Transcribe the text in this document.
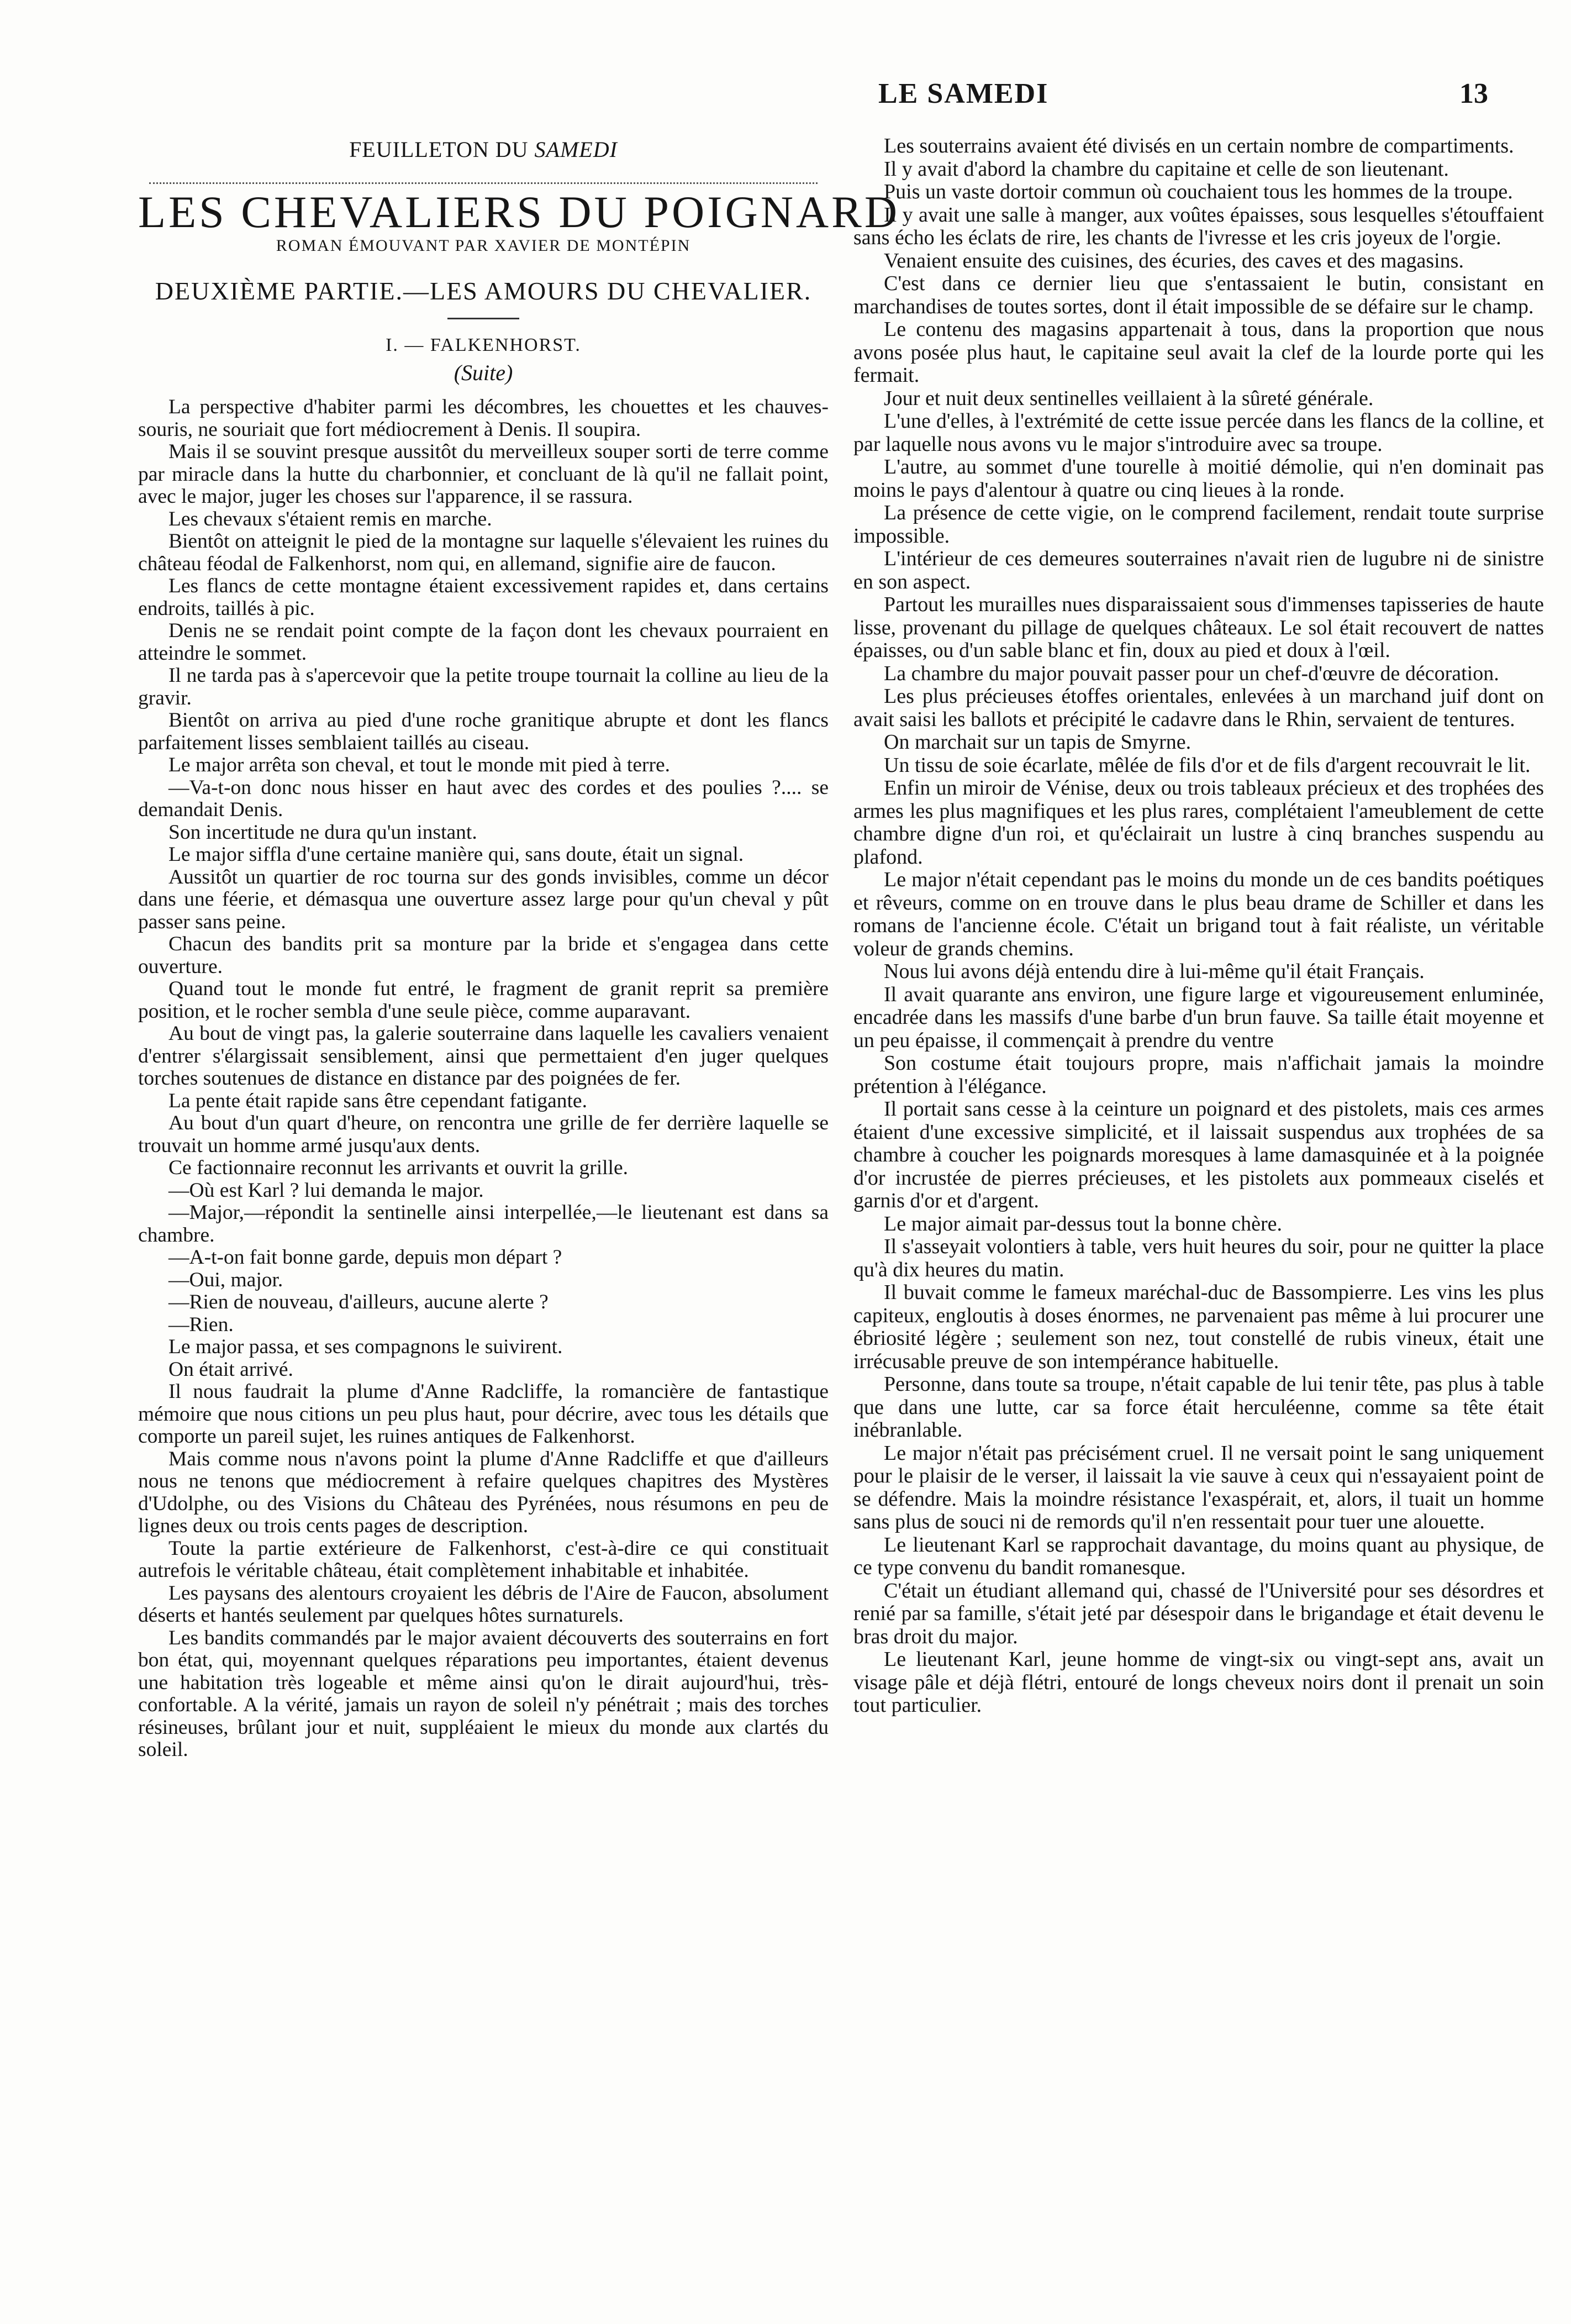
LE SAMEDI	13
FEUILLETON DU SAMEDI
LES CHEVALIERS DU POIGNARD
ROMAN ÉMOUVANT PAR XAVIER DE MONTÉPIN
DEUXIÈME PARTIE.—LES AMOURS DU CHEVALIER.
I. — FALKENHORST.
(Suite)

La perspective d'habiter parmi les décombres, les chouettes et les chauves-souris, ne souriait que fort médiocrement à Denis. Il soupira.

Mais il se souvint presque aussitôt du merveilleux souper sorti de terre comme par miracle dans la hutte du charbonnier, et concluant de là qu'il ne fallait point, avec le major, juger les choses sur l'apparence, il se rassura.

Les chevaux s'étaient remis en marche.

Bientôt on atteignit le pied de la montagne sur laquelle s'élevaient les ruines du château féodal de Falkenhorst, nom qui, en allemand, signifie aire de faucon.

Les flancs de cette montagne étaient excessivement rapides et, dans certains endroits, taillés à pic.

Denis ne se rendait point compte de la façon dont les chevaux pourraient en atteindre le sommet.

Il ne tarda pas à s'apercevoir que la petite troupe tournait la colline au lieu de la gravir.

Bientôt on arriva au pied d'une roche granitique abrupte et dont les flancs parfaitement lisses semblaient taillés au ciseau.

Le major arrêta son cheval, et tout le monde mit pied à terre.

—Va-t-on donc nous hisser en haut avec des cordes et des poulies ?.... se demandait Denis.

Son incertitude ne dura qu'un instant.

Le major siffla d'une certaine manière qui, sans doute, était un signal.

Aussitôt un quartier de roc tourna sur des gonds invisibles, comme un décor dans une féerie, et démasqua une ouverture assez large pour qu'un cheval y pût passer sans peine.

Chacun des bandits prit sa monture par la bride et s'engagea dans cette ouverture.

Quand tout le monde fut entré, le fragment de granit reprit sa première position, et le rocher sembla d'une seule pièce, comme auparavant.

Au bout de vingt pas, la galerie souterraine dans laquelle les cavaliers venaient d'entrer s'élargissait sensiblement, ainsi que permettaient d'en juger quelques torches soutenues de distance en distance par des poignées de fer.

La pente était rapide sans être cependant fatigante.

Au bout d'un quart d'heure, on rencontra une grille de fer derrière laquelle se trouvait un homme armé jusqu'aux dents.

Ce factionnaire reconnut les arrivants et ouvrit la grille.

—Où est Karl ? lui demanda le major.

—Major,—répondit la sentinelle ainsi interpellée,—le lieutenant est dans sa chambre.

—A-t-on fait bonne garde, depuis mon départ ?

—Oui, major.

—Rien de nouveau, d'ailleurs, aucune alerte ?

—Rien.

Le major passa, et ses compagnons le suivirent.

On était arrivé.

Il nous faudrait la plume d'Anne Radcliffe, la romancière de fantastique mémoire que nous citions un peu plus haut, pour décrire, avec tous les détails que comporte un pareil sujet, les ruines antiques de Falkenhorst.

Mais comme nous n'avons point la plume d'Anne Radcliffe et que d'ailleurs nous ne tenons que médiocrement à refaire quelques chapitres des Mystères d'Udolphe, ou des Visions du Château des Pyrénées, nous résumons en peu de lignes deux ou trois cents pages de description.

Toute la partie extérieure de Falkenhorst, c'est-à-dire ce qui constituait autrefois le véritable château, était complètement inhabitable et inhabitée.

Les paysans des alentours croyaient les débris de l'Aire de Faucon, absolument déserts et hantés seulement par quelques hôtes surnaturels.

Les bandits commandés par le major avaient découverts des souterrains en fort bon état, qui, moyennant quelques réparations peu importantes, étaient devenus une habitation très logeable et même ainsi qu'on le dirait aujourd'hui, très-confortable. A la vérité, jamais un rayon de soleil n'y pénétrait ; mais des torches résineuses, brûlant jour et nuit, suppléaient le mieux du monde aux clartés du soleil.

Les souterrains avaient été divisés en un certain nombre de compartiments.

Il y avait d'abord la chambre du capitaine et celle de son lieutenant.

Puis un vaste dortoir commun où couchaient tous les hommes de la troupe.

Il y avait une salle à manger, aux voûtes épaisses, sous lesquelles s'étouffaient sans écho les éclats de rire, les chants de l'ivresse et les cris joyeux de l'orgie.

Venaient ensuite des cuisines, des écuries, des caves et des magasins.

C'est dans ce dernier lieu que s'entassaient le butin, consistant en marchandises de toutes sortes, dont il était impossible de se défaire sur le champ.

Le contenu des magasins appartenait à tous, dans la proportion que nous avons posée plus haut, le capitaine seul avait la clef de la lourde porte qui les fermait.

Jour et nuit deux sentinelles veillaient à la sûreté générale.

L'une d'elles, à l'extrémité de cette issue percée dans les flancs de la colline, et par laquelle nous avons vu le major s'introduire avec sa troupe.

L'autre, au sommet d'une tourelle à moitié démolie, qui n'en dominait pas moins le pays d'alentour à quatre ou cinq lieues à la ronde.

La présence de cette vigie, on le comprend facilement, rendait toute surprise impossible.

L'intérieur de ces demeures souterraines n'avait rien de lugubre ni de sinistre en son aspect.

Partout les murailles nues disparaissaient sous d'immenses tapisseries de haute lisse, provenant du pillage de quelques châteaux. Le sol était recouvert de nattes épaisses, ou d'un sable blanc et fin, doux au pied et doux à l'œil.

La chambre du major pouvait passer pour un chef-d'œuvre de décoration.

Les plus précieuses étoffes orientales, enlevées à un marchand juif dont on avait saisi les ballots et précipité le cadavre dans le Rhin, servaient de tentures.

On marchait sur un tapis de Smyrne.

Un tissu de soie écarlate, mêlée de fils d'or et de fils d'argent recouvrait le lit.

Enfin un miroir de Vénise, deux ou trois tableaux précieux et des trophées des armes les plus magnifiques et les plus rares, complétaient l'ameublement de cette chambre digne d'un roi, et qu'éclairait un lustre à cinq branches suspendu au plafond.

Le major n'était cependant pas le moins du monde un de ces bandits poétiques et rêveurs, comme on en trouve dans le plus beau drame de Schiller et dans les romans de l'ancienne école. C'était un brigand tout à fait réaliste, un véritable voleur de grands chemins.

Nous lui avons déjà entendu dire à lui-même qu'il était Français.

Il avait quarante ans environ, une figure large et vigoureusement enluminée, encadrée dans les massifs d'une barbe d'un brun fauve. Sa taille était moyenne et un peu épaisse, il commençait à prendre du ventre

Son costume était toujours propre, mais n'affichait jamais la moindre prétention à l'élégance.

Il portait sans cesse à la ceinture un poignard et des pistolets, mais ces armes étaient d'une excessive simplicité, et il laissait suspendus aux trophées de sa chambre à coucher les poignards moresques à lame damasquinée et à la poignée d'or incrustée de pierres précieuses, et les pistolets aux pommeaux ciselés et garnis d'or et d'argent.

Le major aimait par-dessus tout la bonne chère.

Il s'asseyait volontiers à table, vers huit heures du soir, pour ne quitter la place qu'à dix heures du matin.

Il buvait comme le fameux maréchal-duc de Bassompierre. Les vins les plus capiteux, engloutis à doses énormes, ne parvenaient pas même à lui procurer une ébriosité légère ; seulement son nez, tout constellé de rubis vineux, était une irrécusable preuve de son intempérance habituelle.

Personne, dans toute sa troupe, n'était capable de lui tenir tête, pas plus à table que dans une lutte, car sa force était herculéenne, comme sa tête était inébranlable.

Le major n'était pas précisément cruel. Il ne versait point le sang uniquement pour le plaisir de le verser, il laissait la vie sauve à ceux qui n'essayaient point de se défendre. Mais la moindre résistance l'exaspérait, et, alors, il tuait un homme sans plus de souci ni de remords qu'il n'en ressentait pour tuer une alouette.

Le lieutenant Karl se rapprochait davantage, du moins quant au physique, de ce type convenu du bandit romanesque.

C'était un étudiant allemand qui, chassé de l'Université pour ses désordres et renié par sa famille, s'était jeté par désespoir dans le brigandage et était devenu le bras droit du major.

Le lieutenant Karl, jeune homme de vingt-six ou vingt-sept ans, avait un visage pâle et déjà flétri, entouré de longs cheveux noirs dont il prenait un soin tout particulier.
